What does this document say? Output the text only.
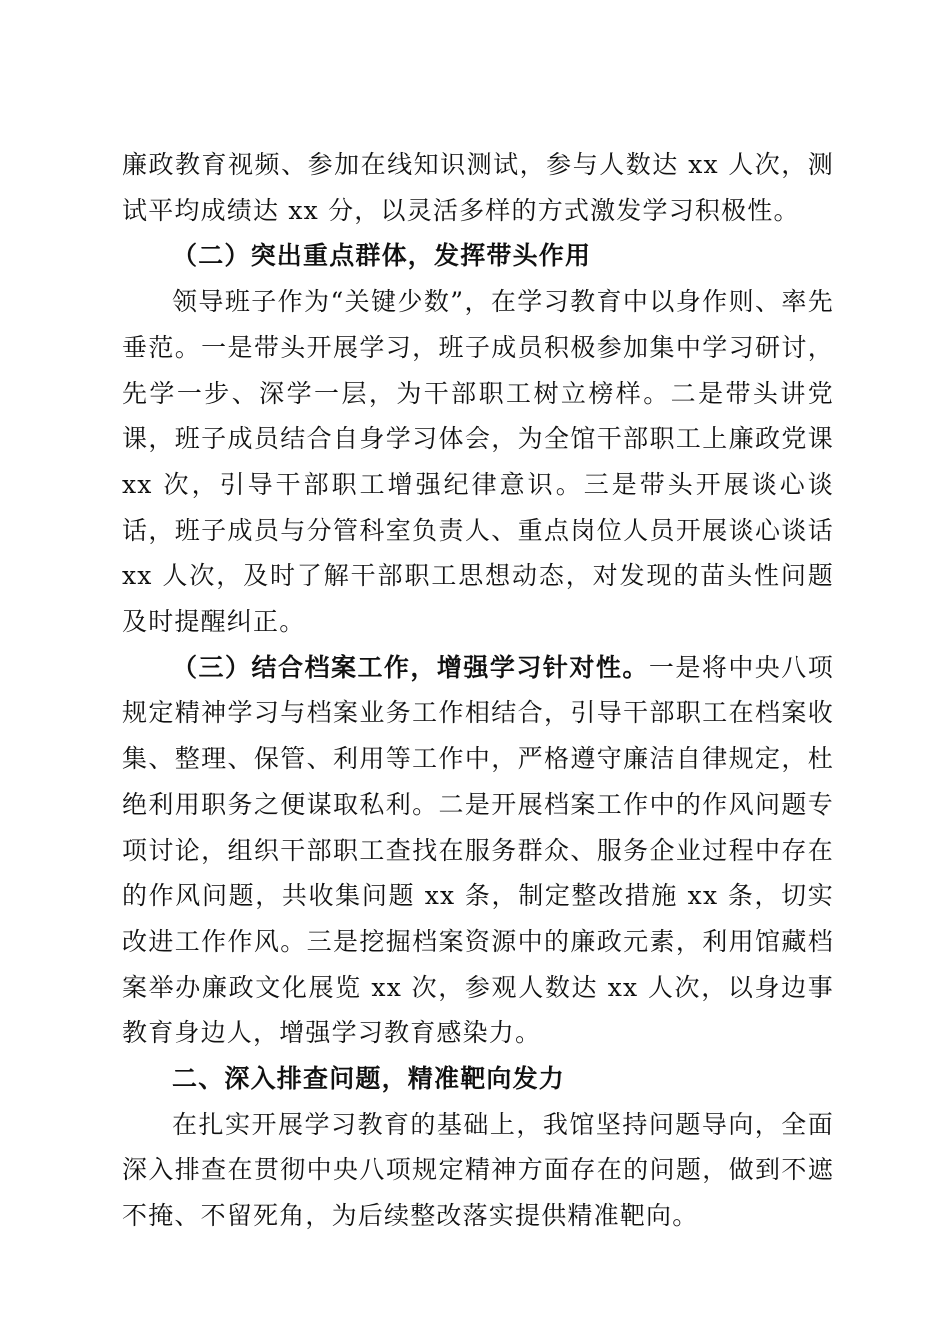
廉政教育视频、参加在线知识测试，参与人数达 xx 人次，测试平均成绩达 xx 分，以灵活多样的方式激发学习积极性。

（二）突出重点群体，发挥带头作用

领导班子作为“关键少数”，在学习教育中以身作则、率先垂范。一是带头开展学习，班子成员积极参加集中学习研讨，先学一步、深学一层，为干部职工树立榜样。二是带头讲党课，班子成员结合自身学习体会，为全馆干部职工上廉政党课 xx 次，引导干部职工增强纪律意识。三是带头开展谈心谈话，班子成员与分管科室负责人、重点岗位人员开展谈心谈话 xx 人次，及时了解干部职工思想动态，对发现的苗头性问题及时提醒纠正。

（三）结合档案工作，增强学习针对性。一是将中央八项规定精神学习与档案业务工作相结合，引导干部职工在档案收集、整理、保管、利用等工作中，严格遵守廉洁自律规定，杜绝利用职务之便谋取私利。二是开展档案工作中的作风问题专项讨论，组织干部职工查找在服务群众、服务企业过程中存在的作风问题，共收集问题 xx 条，制定整改措施 xx 条，切实改进工作作风。三是挖掘档案资源中的廉政元素，利用馆藏档案举办廉政文化展览 xx 次，参观人数达 xx 人次，以身边事教育身边人，增强学习教育感染力。

二、深入排查问题，精准靶向发力

在扎实开展学习教育的基础上，我馆坚持问题导向，全面深入排查在贯彻中央八项规定精神方面存在的问题，做到不遮不掩、不留死角，为后续整改落实提供精准靶向。
